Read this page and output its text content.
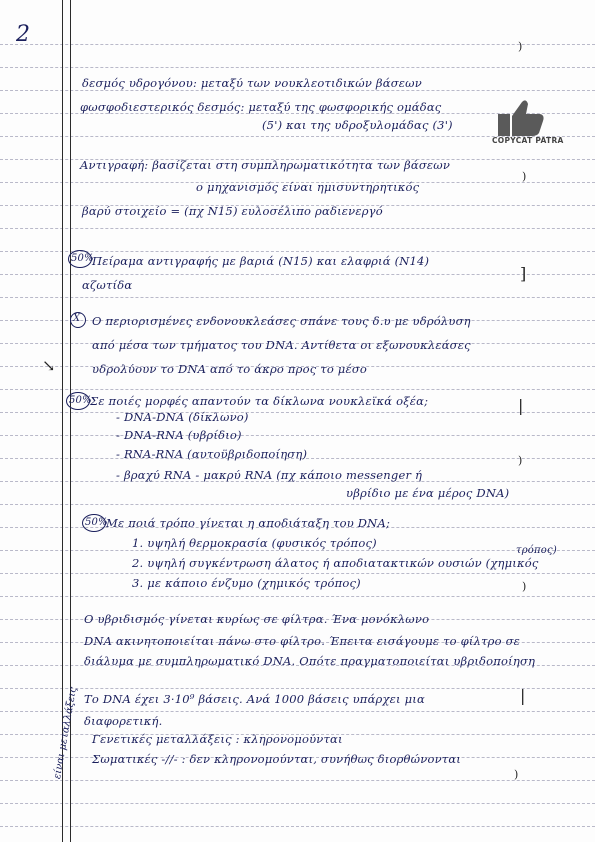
2
COPYCAT PATRA
δεσμός υδρογόνου: μεταξύ των νουκλεοτιδικών βάσεων
φωσφοδιεστερικός δεσμός: μεταξύ της φωσφορικής ομάδας
(5') και της υδροξυλομάδας (3')
Αντιγραφή: βασίζεται στη συμπληρωματικότητα των βάσεων
ο μηχανισμός είναι ημισυντηρητικός
βαρύ στοιχείο = (πχ N15) ευλοσέλιπο ραδιενεργό
50%
Πείραμα αντιγραφής με βαριά (N15) και ελαφριά (N14)
αζωτίδα
X Ο περιορισμένες ενδονουκλεάσες σπάνε τους δ.υ με υδρόλυση
από μέσα των τμήματος του DNA. Αντίθετα οι εξωνουκλεάσες
υδρολύουν το DNA από το άκρο προς το μέσο
↘
50%
Σε ποιές μορφές απαντούν τα δίκλωνα νουκλεϊκά οξέα;
- DNA-DNA (δίκλωνο)
- DNA-RNA (υβρίδιο)
- RNA-RNA (αυτοϋβριδοποίηση)
- βραχύ RNA - μακρύ RNA (πχ κάποιο messenger ή
υβρίδιο με ένα μέρος DNA)
50%
Με ποιά τρόπο γίνεται η αποδιάταξη του DNA;
1. υψηλή θερμοκρασία (φυσικός τρόπος)
2. υψηλή συγκέντρωση άλατος ή αποδιατακτικών ουσιών (χημικός
τρόπος)
3. με κάποιο ένζυμο (χημικός τρόπος)
Ο υβριδισμός γίνεται κυρίως σε φίλτρα. Ένα μονόκλωνο
DNA ακινητοποιείται πάνω στο φίλτρο. Έπειτα εισάγουμε το φίλτρο σε
διάλυμα με συμπληρωματικό DNA. Οπότε πραγματοποιείται υβριδοποίηση
Το DNA έχει 3·10⁹ βάσεις. Ανά 1000 βάσεις υπάρχει μια
διαφορετική.
Γενετικές μεταλλάξεις : κληρονομούνται
Σωματικές -//- : δεν κληρονομούνται, συνήθως διορθώνονται
είναι μεταλλάξεις
)
)
]
|
)
)
|
)
